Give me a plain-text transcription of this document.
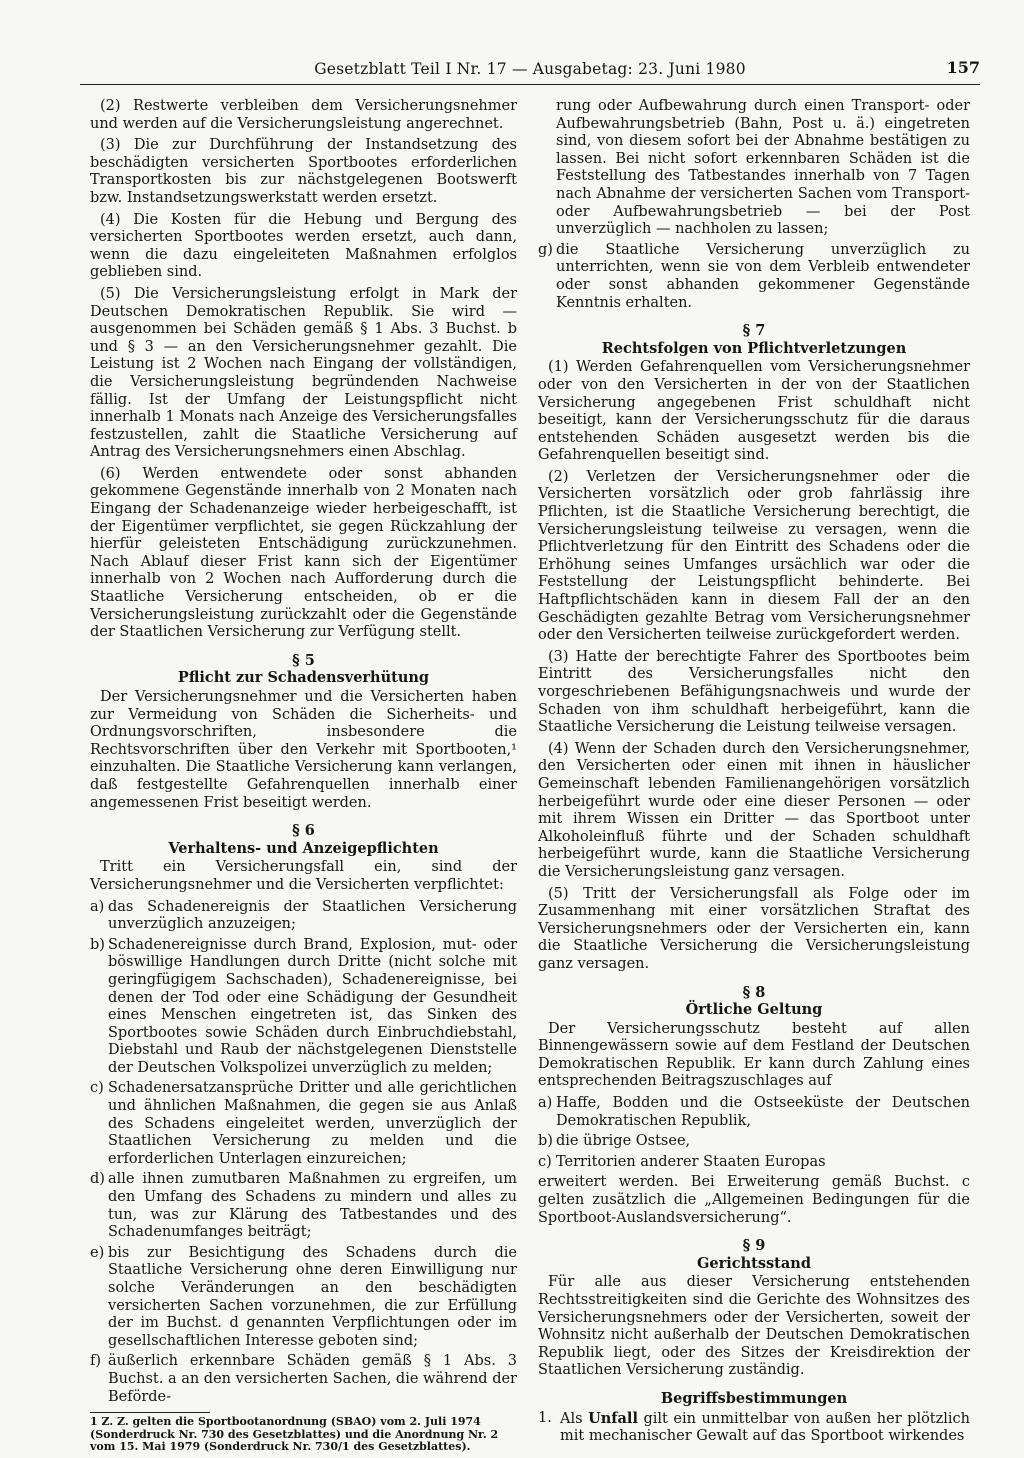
Gesetzblatt Teil I Nr. 17 — Ausgabetag: 23. Juni 1980	157

(2) Restwerte verbleiben dem Versicherungsnehmer und werden auf die Versicherungsleistung angerechnet.

(3) Die zur Durchführung der Instandsetzung des beschädigten versicherten Sportbootes erforderlichen Transportkosten bis zur nächstgelegenen Bootswerft bzw. Instandsetzungswerkstatt werden ersetzt.

(4) Die Kosten für die Hebung und Bergung des versicherten Sportbootes werden ersetzt, auch dann, wenn die dazu eingeleiteten Maßnahmen erfolglos geblieben sind.

(5) Die Versicherungsleistung erfolgt in Mark der Deutschen Demokratischen Republik. Sie wird — ausgenommen bei Schäden gemäß § 1 Abs. 3 Buchst. b und § 3 — an den Versicherungsnehmer gezahlt. Die Leistung ist 2 Wochen nach Eingang der vollständigen, die Versicherungsleistung begründenden Nachweise fällig. Ist der Umfang der Leistungspflicht nicht innerhalb 1 Monats nach Anzeige des Versicherungsfalles festzustellen, zahlt die Staatliche Versicherung auf Antrag des Versicherungsnehmers einen Abschlag.

(6) Werden entwendete oder sonst abhanden gekommene Gegenstände innerhalb von 2 Monaten nach Eingang der Schadenanzeige wieder herbeigeschafft, ist der Eigentümer verpflichtet, sie gegen Rückzahlung der hierfür geleisteten Entschädigung zurückzunehmen. Nach Ablauf dieser Frist kann sich der Eigentümer innerhalb von 2 Wochen nach Aufforderung durch die Staatliche Versicherung entscheiden, ob er die Versicherungsleistung zurückzahlt oder die Gegenstände der Staatlichen Versicherung zur Verfügung stellt.

§ 5
Pflicht zur Schadensverhütung

Der Versicherungsnehmer und die Versicherten haben zur Vermeidung von Schäden die Sicherheits- und Ordnungsvorschriften, insbesondere die Rechtsvorschriften über den Verkehr mit Sportbooten,¹ einzuhalten. Die Staatliche Versicherung kann verlangen, daß festgestellte Gefahrenquellen innerhalb einer angemessenen Frist beseitigt werden.

§ 6
Verhaltens- und Anzeigepflichten

Tritt ein Versicherungsfall ein, sind der Versicherungsnehmer und die Versicherten verpflichtet:

a) das Schadenereignis der Staatlichen Versicherung unverzüglich anzuzeigen;
b) Schadenereignisse durch Brand, Explosion, mut- oder böswillige Handlungen durch Dritte (nicht solche mit geringfügigem Sachschaden), Schadenereignisse, bei denen der Tod oder eine Schädigung der Gesundheit eines Menschen eingetreten ist, das Sinken des Sportbootes sowie Schäden durch Einbruchdiebstahl, Diebstahl und Raub der nächstgelegenen Dienststelle der Deutschen Volkspolizei unverzüglich zu melden;
c) Schadenersatzansprüche Dritter und alle gerichtlichen und ähnlichen Maßnahmen, die gegen sie aus Anlaß des Schadens eingeleitet werden, unverzüglich der Staatlichen Versicherung zu melden und die erforderlichen Unterlagen einzureichen;
d) alle ihnen zumutbaren Maßnahmen zu ergreifen, um den Umfang des Schadens zu mindern und alles zu tun, was zur Klärung des Tatbestandes und des Schadenumfanges beiträgt;
e) bis zur Besichtigung des Schadens durch die Staatliche Versicherung ohne deren Einwilligung nur solche Veränderungen an den beschädigten versicherten Sachen vorzunehmen, die zur Erfüllung der im Buchst. d genannten Verpflichtungen oder im gesellschaftlichen Interesse geboten sind;
f) äußerlich erkennbare Schäden gemäß § 1 Abs. 3 Buchst. a an den versicherten Sachen, die während der Beförde-

1 Z. Z. gelten die Sportbootanordnung (SBAO) vom 2. Juli 1974 (Sonderdruck Nr. 730 des Gesetzblattes) und die Anordnung Nr. 2 vom 15. Mai 1979 (Sonderdruck Nr. 730/1 des Gesetzblattes).

rung oder Aufbewahrung durch einen Transport- oder Aufbewahrungsbetrieb (Bahn, Post u. ä.) eingetreten sind, von diesem sofort bei der Abnahme bestätigen zu lassen. Bei nicht sofort erkennbaren Schäden ist die Feststellung des Tatbestandes innerhalb von 7 Tagen nach Abnahme der versicherten Sachen vom Transport- oder Aufbewahrungsbetrieb — bei der Post unverzüglich — nachholen zu lassen;
g) die Staatliche Versicherung unverzüglich zu unterrichten, wenn sie von dem Verbleib entwendeter oder sonst abhanden gekommener Gegenstände Kenntnis erhalten.
§ 7
Rechtsfolgen von Pflichtverletzungen

(1) Werden Gefahrenquellen vom Versicherungsnehmer oder von den Versicherten in der von der Staatlichen Versicherung angegebenen Frist schuldhaft nicht beseitigt, kann der Versicherungsschutz für die daraus entstehenden Schäden ausgesetzt werden bis die Gefahrenquellen beseitigt sind.

(2) Verletzen der Versicherungsnehmer oder die Versicherten vorsätzlich oder grob fahrlässig ihre Pflichten, ist die Staatliche Versicherung berechtigt, die Versicherungsleistung teilweise zu versagen, wenn die Pflichtverletzung für den Eintritt des Schadens oder die Erhöhung seines Umfanges ursächlich war oder die Feststellung der Leistungspflicht behinderte. Bei Haftpflichtschäden kann in diesem Fall der an den Geschädigten gezahlte Betrag vom Versicherungsnehmer oder den Versicherten teilweise zurückgefordert werden.

(3) Hatte der berechtigte Fahrer des Sportbootes beim Eintritt des Versicherungsfalles nicht den vorgeschriebenen Befähigungsnachweis und wurde der Schaden von ihm schuldhaft herbeigeführt, kann die Staatliche Versicherung die Leistung teilweise versagen.

(4) Wenn der Schaden durch den Versicherungsnehmer, den Versicherten oder einen mit ihnen in häuslicher Gemeinschaft lebenden Familienangehörigen vorsätzlich herbeigeführt wurde oder eine dieser Personen — oder mit ihrem Wissen ein Dritter — das Sportboot unter Alkoholeinfluß führte und der Schaden schuldhaft herbeigeführt wurde, kann die Staatliche Versicherung die Versicherungsleistung ganz versagen.

(5) Tritt der Versicherungsfall als Folge oder im Zusammenhang mit einer vorsätzlichen Straftat des Versicherungsnehmers oder der Versicherten ein, kann die Staatliche Versicherung die Versicherungsleistung ganz versagen.

§ 8
Örtliche Geltung

Der Versicherungsschutz besteht auf allen Binnengewässern sowie auf dem Festland der Deutschen Demokratischen Republik. Er kann durch Zahlung eines entsprechenden Beitragszuschlages auf

a) Haffe, Bodden und die Ostseeküste der Deutschen Demokratischen Republik,
b) die übrige Ostsee,
c) Territorien anderer Staaten Europas

erweitert werden. Bei Erweiterung gemäß Buchst. c gelten zusätzlich die „Allgemeinen Bedingungen für die Sportboot-Auslandsversicherung“.

§ 9
Gerichtsstand

Für alle aus dieser Versicherung entstehenden Rechtsstreitigkeiten sind die Gerichte des Wohnsitzes des Versicherungsnehmers oder der Versicherten, soweit der Wohnsitz nicht außerhalb der Deutschen Demokratischen Republik liegt, oder des Sitzes der Kreisdirektion der Staatlichen Versicherung zuständig.

Begriffsbestimmungen
1. Als Unfall gilt ein unmittelbar von außen her plötzlich mit mechanischer Gewalt auf das Sportboot wirkendes
